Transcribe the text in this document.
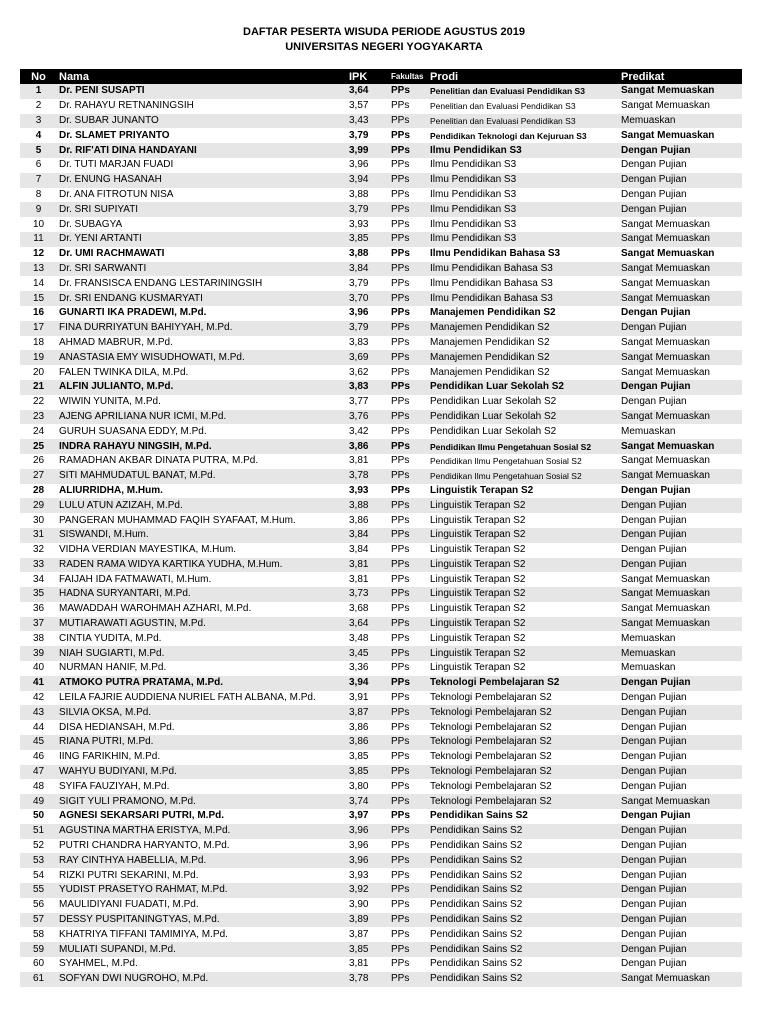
DAFTAR PESERTA WISUDA PERIODE AGUSTUS 2019
UNIVERSITAS NEGERI YOGYAKARTA
No	Nama	IPK	Fakultas	Prodi	Predikat
1	Dr. PENI SUSAPTI	3,64	PPs	Penelitian dan Evaluasi Pendidikan S3	Sangat Memuaskan
2	Dr. RAHAYU RETNANINGSIH	3,57	PPs	Penelitian dan Evaluasi Pendidikan S3	Sangat Memuaskan
3	Dr. SUBAR JUNANTO	3,43	PPs	Penelitian dan Evaluasi Pendidikan S3	Memuaskan
4	Dr. SLAMET PRIYANTO	3,79	PPs	Pendidikan Teknologi dan Kejuruan S3	Sangat Memuaskan
5	Dr. RIF'ATI DINA HANDAYANI	3,99	PPs	Ilmu Pendidikan S3	Dengan Pujian
6	Dr. TUTI MARJAN FUADI	3,96	PPs	Ilmu Pendidikan S3	Dengan Pujian
7	Dr. ENUNG HASANAH	3,94	PPs	Ilmu Pendidikan S3	Dengan Pujian
8	Dr. ANA FITROTUN NISA	3,88	PPs	Ilmu Pendidikan S3	Dengan Pujian
9	Dr. SRI SUPIYATI	3,79	PPs	Ilmu Pendidikan S3	Dengan Pujian
10	Dr. SUBAGYA	3,93	PPs	Ilmu Pendidikan S3	Sangat Memuaskan
11	Dr. YENI ARTANTI	3,85	PPs	Ilmu Pendidikan S3	Sangat Memuaskan
12	Dr. UMI RACHMAWATI	3,88	PPs	Ilmu Pendidikan Bahasa S3	Sangat Memuaskan
13	Dr. SRI SARWANTI	3,84	PPs	Ilmu Pendidikan Bahasa S3	Sangat Memuaskan
14	Dr. FRANSISCA ENDANG LESTARININGSIH	3,79	PPs	Ilmu Pendidikan Bahasa S3	Sangat Memuaskan
15	Dr. SRI ENDANG KUSMARYATI	3,70	PPs	Ilmu Pendidikan Bahasa S3	Sangat Memuaskan
16	GUNARTI IKA PRADEWI, M.Pd.	3,96	PPs	Manajemen Pendidikan S2	Dengan Pujian
17	FINA DURRIYATUN BAHIYYAH, M.Pd.	3,79	PPs	Manajemen Pendidikan S2	Dengan Pujian
18	AHMAD MABRUR, M.Pd.	3,83	PPs	Manajemen Pendidikan S2	Sangat Memuaskan
19	ANASTASIA EMY WISUDHOWATI, M.Pd.	3,69	PPs	Manajemen Pendidikan S2	Sangat Memuaskan
20	FALEN TWINKA DILA, M.Pd.	3,62	PPs	Manajemen Pendidikan S2	Sangat Memuaskan
21	ALFIN JULIANTO, M.Pd.	3,83	PPs	Pendidikan Luar Sekolah S2	Dengan Pujian
22	WIWIN YUNITA, M.Pd.	3,77	PPs	Pendidikan Luar Sekolah S2	Dengan Pujian
23	AJENG APRILIANA NUR ICMI, M.Pd.	3,76	PPs	Pendidikan Luar Sekolah S2	Sangat Memuaskan
24	GURUH SUASANA EDDY, M.Pd.	3,42	PPs	Pendidikan Luar Sekolah S2	Memuaskan
25	INDRA RAHAYU NINGSIH, M.Pd.	3,86	PPs	Pendidikan Ilmu Pengetahuan Sosial S2	Sangat Memuaskan
26	RAMADHAN AKBAR DINATA PUTRA, M.Pd.	3,81	PPs	Pendidikan Ilmu Pengetahuan Sosial S2	Sangat Memuaskan
27	SITI MAHMUDATUL BANAT, M.Pd.	3,78	PPs	Pendidikan Ilmu Pengetahuan Sosial S2	Sangat Memuaskan
28	ALIURRIDHA, M.Hum.	3,93	PPs	Linguistik Terapan S2	Dengan Pujian
29	LULU ATUN AZIZAH, M.Pd.	3,88	PPs	Linguistik Terapan S2	Dengan Pujian
30	PANGERAN MUHAMMAD FAQIH SYAFAAT, M.Hum.	3,86	PPs	Linguistik Terapan S2	Dengan Pujian
31	SISWANDI, M.Hum.	3,84	PPs	Linguistik Terapan S2	Dengan Pujian
32	VIDHA VERDIAN MAYESTIKA, M.Hum.	3,84	PPs	Linguistik Terapan S2	Dengan Pujian
33	RADEN RAMA WIDYA KARTIKA YUDHA, M.Hum.	3,81	PPs	Linguistik Terapan S2	Dengan Pujian
34	FAIJAH IDA FATMAWATI, M.Hum.	3,81	PPs	Linguistik Terapan S2	Sangat Memuaskan
35	HADNA SURYANTARI, M.Pd.	3,73	PPs	Linguistik Terapan S2	Sangat Memuaskan
36	MAWADDAH WAROHMAH AZHARI, M.Pd.	3,68	PPs	Linguistik Terapan S2	Sangat Memuaskan
37	MUTIARAWATI AGUSTIN, M.Pd.	3,64	PPs	Linguistik Terapan S2	Sangat Memuaskan
38	CINTIA YUDITA, M.Pd.	3,48	PPs	Linguistik Terapan S2	Memuaskan
39	NIAH SUGIARTI, M.Pd.	3,45	PPs	Linguistik Terapan S2	Memuaskan
40	NURMAN HANIF, M.Pd.	3,36	PPs	Linguistik Terapan S2	Memuaskan
41	ATMOKO PUTRA PRATAMA, M.Pd.	3,94	PPs	Teknologi Pembelajaran S2	Dengan Pujian
42	LEILA FAJRIE AUDDIENA NURIEL FATH ALBANA, M.Pd.	3,91	PPs	Teknologi Pembelajaran S2	Dengan Pujian
43	SILVIA OKSA, M.Pd.	3,87	PPs	Teknologi Pembelajaran S2	Dengan Pujian
44	DISA HEDIANSAH, M.Pd.	3,86	PPs	Teknologi Pembelajaran S2	Dengan Pujian
45	RIANA PUTRI, M.Pd.	3,86	PPs	Teknologi Pembelajaran S2	Dengan Pujian
46	IING FARIKHIN, M.Pd.	3,85	PPs	Teknologi Pembelajaran S2	Dengan Pujian
47	WAHYU BUDIYANI, M.Pd.	3,85	PPs	Teknologi Pembelajaran S2	Dengan Pujian
48	SYIFA FAUZIYAH, M.Pd.	3,80	PPs	Teknologi Pembelajaran S2	Dengan Pujian
49	SIGIT YULI PRAMONO, M.Pd.	3,74	PPs	Teknologi Pembelajaran S2	Sangat Memuaskan
50	AGNESI SEKARSARI PUTRI, M.Pd.	3,97	PPs	Pendidikan Sains S2	Dengan Pujian
51	AGUSTINA MARTHA ERISTYA, M.Pd.	3,96	PPs	Pendidikan Sains S2	Dengan Pujian
52	PUTRI CHANDRA HARYANTO, M.Pd.	3,96	PPs	Pendidikan Sains S2	Dengan Pujian
53	RAY CINTHYA HABELLIA, M.Pd.	3,96	PPs	Pendidikan Sains S2	Dengan Pujian
54	RIZKI PUTRI SEKARINI, M.Pd.	3,93	PPs	Pendidikan Sains S2	Dengan Pujian
55	YUDIST PRASETYO RAHMAT, M.Pd.	3,92	PPs	Pendidikan Sains S2	Dengan Pujian
56	MAULIDIYANI FUADATI, M.Pd.	3,90	PPs	Pendidikan Sains S2	Dengan Pujian
57	DESSY PUSPITANINGTYAS, M.Pd.	3,89	PPs	Pendidikan Sains S2	Dengan Pujian
58	KHATRIYA TIFFANI TAMIMIYA, M.Pd.	3,87	PPs	Pendidikan Sains S2	Dengan Pujian
59	MULIATI SUPANDI, M.Pd.	3,85	PPs	Pendidikan Sains S2	Dengan Pujian
60	SYAHMEL, M.Pd.	3,81	PPs	Pendidikan Sains S2	Dengan Pujian
61	SOFYAN DWI NUGROHO, M.Pd.	3,78	PPs	Pendidikan Sains S2	Sangat Memuaskan
